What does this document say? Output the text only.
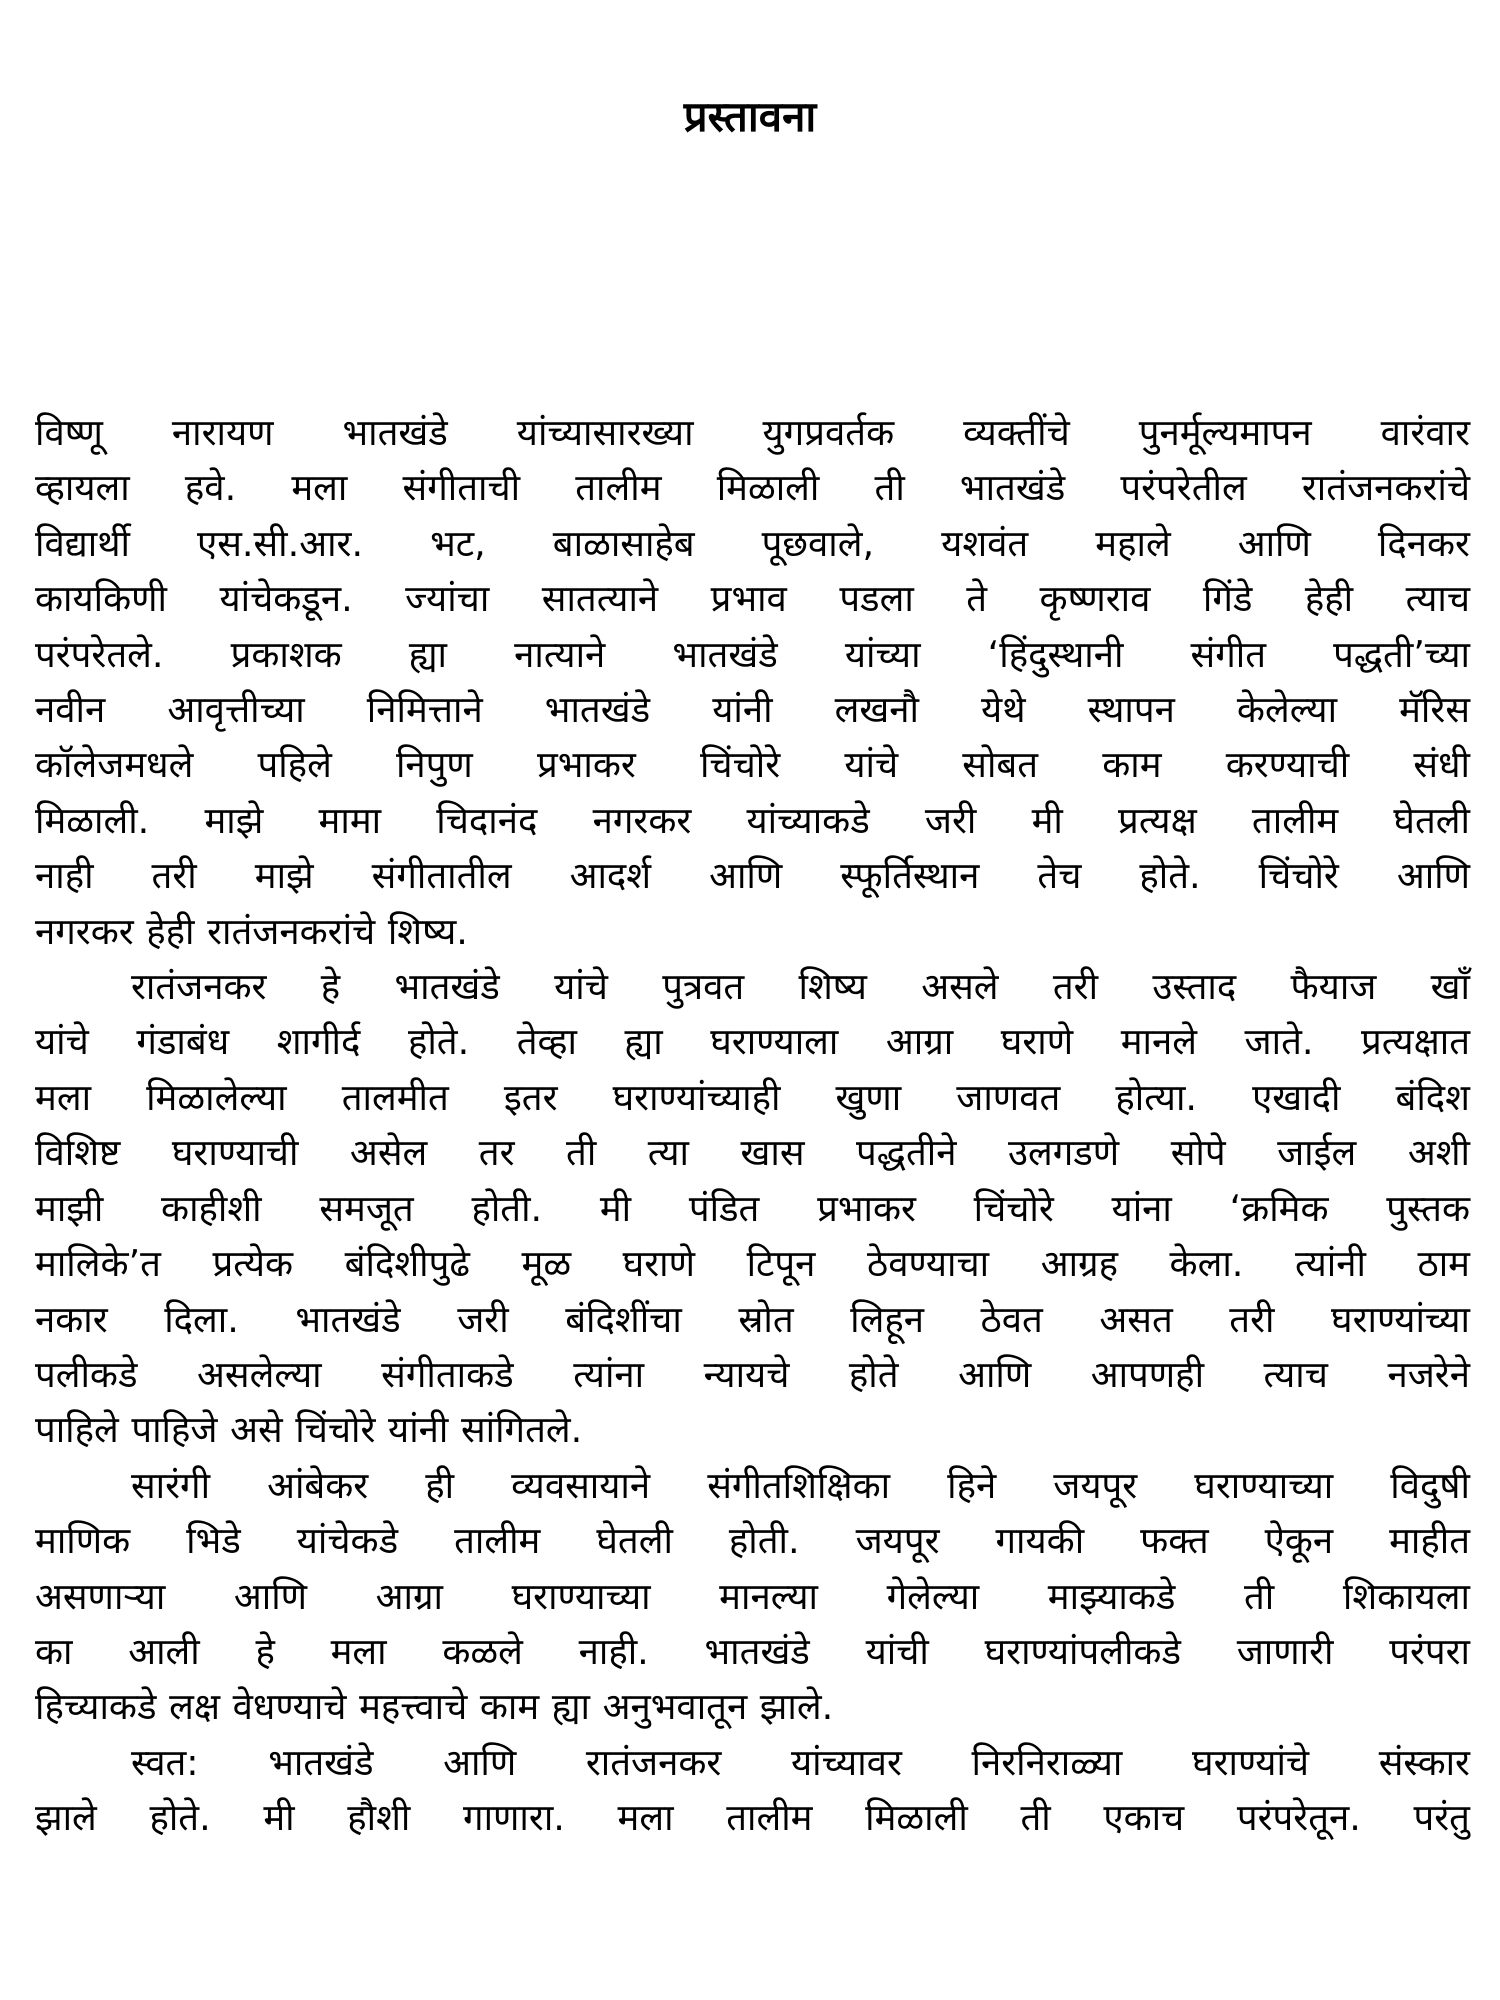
प्रस्तावना

विष्णू नारायण भातखंडे यांच्यासारख्या युगप्रवर्तक व्यक्तींचे पुनर्मूल्यमापन वारंवार
व्हायला हवे. मला संगीताची तालीम मिळाली ती भातखंडे परंपरेतील रातंजनकरांचे
विद्यार्थी एस.सी.आर. भट, बाळासाहेब पूछवाले, यशवंत महाले आणि दिनकर
कायकिणी यांचेकडून. ज्यांचा सातत्याने प्रभाव पडला ते कृष्णराव गिंडे हेही त्याच
परंपरेतले. प्रकाशक ह्या नात्याने भातखंडे यांच्या ‘हिंदुस्थानी संगीत पद्धती’च्या
नवीन आवृत्तीच्या निमित्ताने भातखंडे यांनी लखनौ येथे स्थापन केलेल्या मॅरिस
कॉलेजमधले पहिले निपुण प्रभाकर चिंचोरे यांचे सोबत काम करण्याची संधी
मिळाली. माझे मामा चिदानंद नगरकर यांच्याकडे जरी मी प्रत्यक्ष तालीम घेतली
नाही तरी माझे संगीतातील आदर्श आणि स्फूर्तिस्थान तेच होते. चिंचोरे आणि
नगरकर हेही रातंजनकरांचे शिष्य.

रातंजनकर हे भातखंडे यांचे पुत्रवत शिष्य असले तरी उस्ताद फैयाज खाँ
यांचे गंडाबंध शागीर्द होते. तेव्हा ह्या घराण्याला आग्रा घराणे मानले जाते. प्रत्यक्षात
मला मिळालेल्या तालमीत इतर घराण्यांच्याही खुणा जाणवत होत्या. एखादी बंदिश
विशिष्ट घराण्याची असेल तर ती त्या खास पद्धतीने उलगडणे सोपे जाईल अशी
माझी काहीशी समजूत होती. मी पंडित प्रभाकर चिंचोरे यांना ‘क्रमिक पुस्तक
मालिके’त प्रत्येक बंदिशीपुढे मूळ घराणे टिपून ठेवण्याचा आग्रह केला. त्यांनी ठाम
नकार दिला. भातखंडे जरी बंदिशींचा स्रोत लिहून ठेवत असत तरी घराण्यांच्या
पलीकडे असलेल्या संगीताकडे त्यांना न्यायचे होते आणि आपणही त्याच नजरेने
पाहिले पाहिजे असे चिंचोरे यांनी सांगितले.

सारंगी आंबेकर ही व्यवसायाने संगीतशिक्षिका हिने जयपूर घराण्याच्या विदुषी
माणिक भिडे यांचेकडे तालीम घेतली होती. जयपूर गायकी फक्त ऐकून माहीत
असणाऱ्या आणि आग्रा घराण्याच्या मानल्या गेलेल्या माझ्याकडे ती शिकायला
का आली हे मला कळले नाही. भातखंडे यांची घराण्यांपलीकडे जाणारी परंपरा
हिच्याकडे लक्ष वेधण्याचे महत्त्वाचे काम ह्या अनुभवातून झाले.

स्वत: भातखंडे आणि रातंजनकर यांच्यावर निरनिराळ्या घराण्यांचे संस्कार
झाले होते. मी हौशी गाणारा. मला तालीम मिळाली ती एकाच परंपरेतून. परंतु
